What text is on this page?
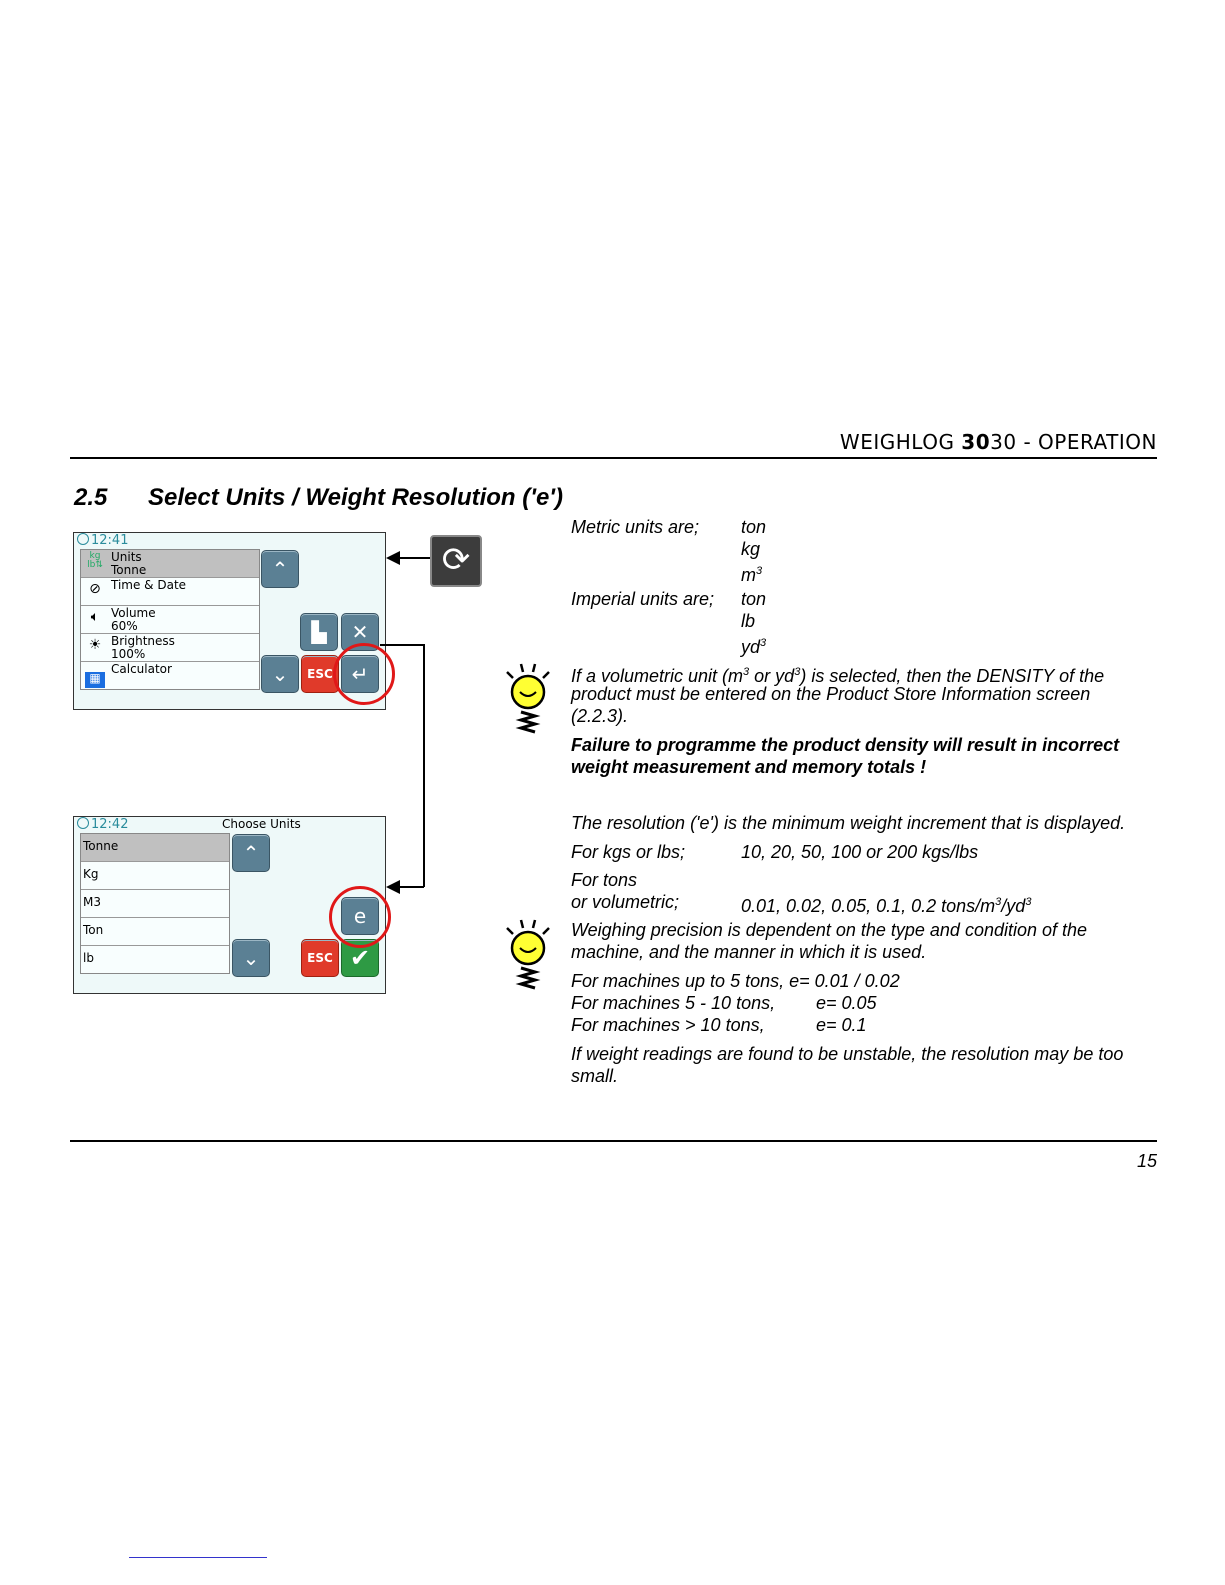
WEIGHLOG 3030 - OPERATION
2.5 Select Units / Weight Resolution ('e')
12:41
kg
lb⇅
Units
Tonne
⊘ Time & Date
🔈︎ Volume
60%
☀ Brightness
100%
▦
Calculator
⌃
▙	✕
⌄	ESC ↵
⟳
12:42	Choose Units
Tonne
Kg
M3
Ton
lb
⌃
e
⌄	ESC ✔
Metric units are; ton
kg
$m^3$
Imperial units are; ton
lb
$yd^3$
If a volumetric unit ($m^3$ or $yd^3$) is selected, then the DENSITY of the
product must be entered on the Product Store Information screen
(2.2.3).
Failure to programme the product density will result in incorrect
weight measurement and memory totals !
The resolution ('e') is the minimum weight increment that is displayed.
For kgs or lbs;	10, 20, 50, 100 or 200 kgs/lbs
For tons
or volumetric;	0.01, 0.02, 0.05, 0.1, 0.2 tons/$m^3/yd^3$
Weighing precision is dependent on the type and condition of the
machine, and the manner in which it is used.
For machines up to 5 tons, e= 0.01 / 0.02
For machines 5 - 10 tons, e= 0.05
For machines > 10 tons,	e= 0.1
If weight readings are found to be unstable, the resolution may be too
small.
15
